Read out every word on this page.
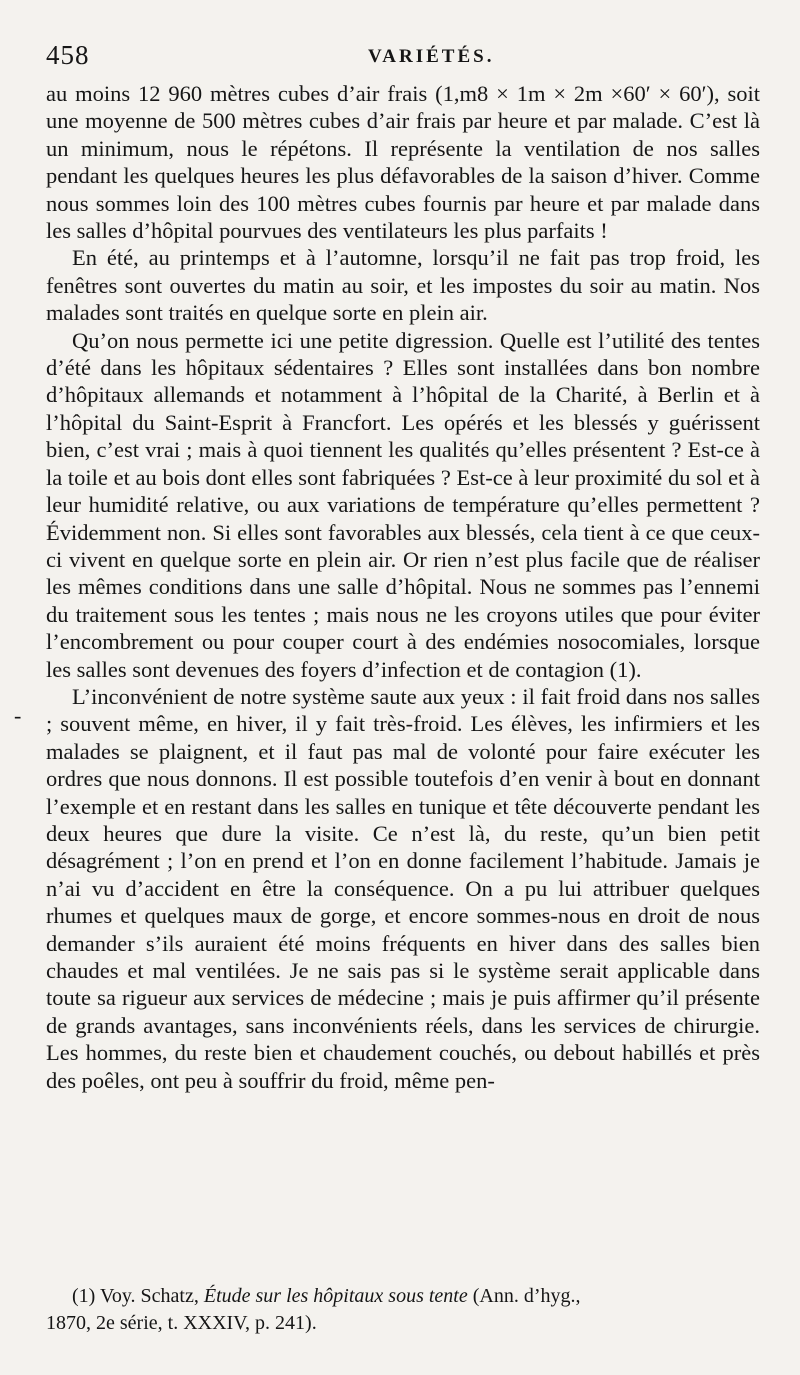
458	VARIÉTÉS.

au moins 12 960 mètres cubes d’air frais (1,m8 × 1m × 2m ×60′ × 60′), soit une moyenne de 500 mètres cubes d’air frais par heure et par malade. C’est là un minimum, nous le répétons. Il représente la ventilation de nos salles pendant les quelques heures les plus défavorables de la saison d’hiver. Comme nous sommes loin des 100 mètres cubes fournis par heure et par malade dans les salles d’hôpital pourvues des ventilateurs les plus parfaits !

En été, au printemps et à l’automne, lorsqu’il ne fait pas trop froid, les fenêtres sont ouvertes du matin au soir, et les impostes du soir au matin. Nos malades sont traités en quelque sorte en plein air.

Qu’on nous permette ici une petite digression. Quelle est l’utilité des tentes d’été dans les hôpitaux sédentaires ? Elles sont installées dans bon nombre d’hôpitaux allemands et notamment à l’hôpital de la Charité, à Berlin et à l’hôpital du Saint-Esprit à Francfort. Les opérés et les blessés y guérissent bien, c’est vrai ; mais à quoi tiennent les qualités qu’elles présentent ? Est-ce à la toile et au bois dont elles sont fabriquées ? Est-ce à leur proximité du sol et à leur humidité relative, ou aux variations de température qu’elles permettent ? Évidemment non. Si elles sont favorables aux blessés, cela tient à ce que ceux-ci vivent en quelque sorte en plein air. Or rien n’est plus facile que de réaliser les mêmes conditions dans une salle d’hôpital. Nous ne sommes pas l’ennemi du traitement sous les tentes ; mais nous ne les croyons utiles que pour éviter l’encombrement ou pour couper court à des endémies nosocomiales, lorsque les salles sont devenues des foyers d’infection et de contagion (1).

L’inconvénient de notre système saute aux yeux : il fait froid dans nos salles ; souvent même, en hiver, il y fait très-froid. Les élèves, les infirmiers et les malades se plaignent, et il faut pas mal de volonté pour faire exécuter les ordres que nous donnons. Il est possible toutefois d’en venir à bout en donnant l’exemple et en restant dans les salles en tunique et tête découverte pendant les deux heures que dure la visite. Ce n’est là, du reste, qu’un bien petit désagrément ; l’on en prend et l’on en donne facilement l’habitude. Jamais je n’ai vu d’accident en être la conséquence. On a pu lui attribuer quelques rhumes et quelques maux de gorge, et encore sommes-nous en droit de nous demander s’ils auraient été moins fréquents en hiver dans des salles bien chaudes et mal ventilées. Je ne sais pas si le système serait applicable dans toute sa rigueur aux services de médecine ; mais je puis affirmer qu’il présente de grands avantages, sans inconvénients réels, dans les services de chirurgie. Les hommes, du reste bien et chaudement couchés, ou debout habillés et près des poêles, ont peu à souffrir du froid, même pen-

-
(1) Voy. Schatz, Étude sur les hôpitaux sous tente (Ann. d’hyg.,
1870, 2e série, t. XXXIV, p. 241).
